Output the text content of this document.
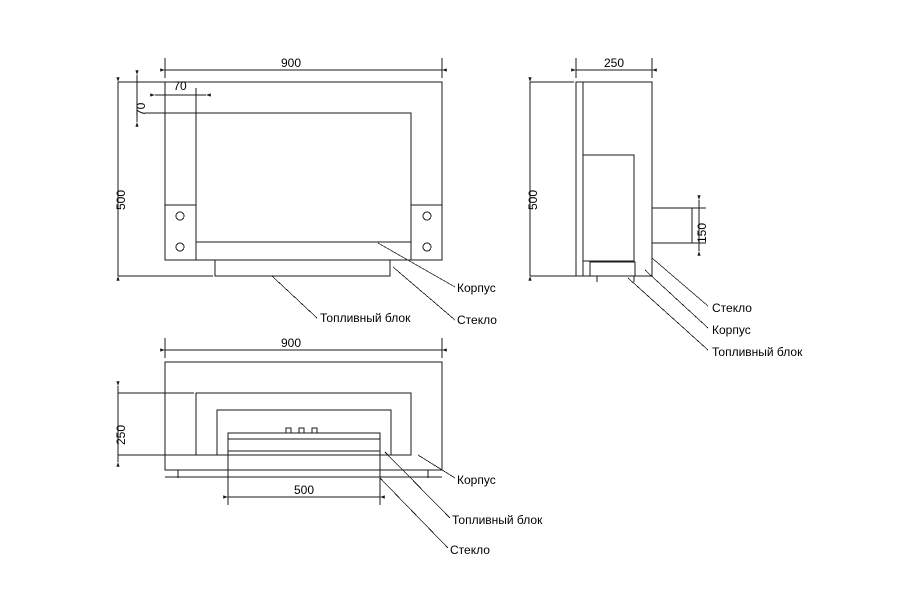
900
70
70
500
Корпус
Стекло
Топливный блок
250
500
150
Стекло
Корпус
Топливный блок
900
250
500
Корпус
Топливный блок
Стекло
